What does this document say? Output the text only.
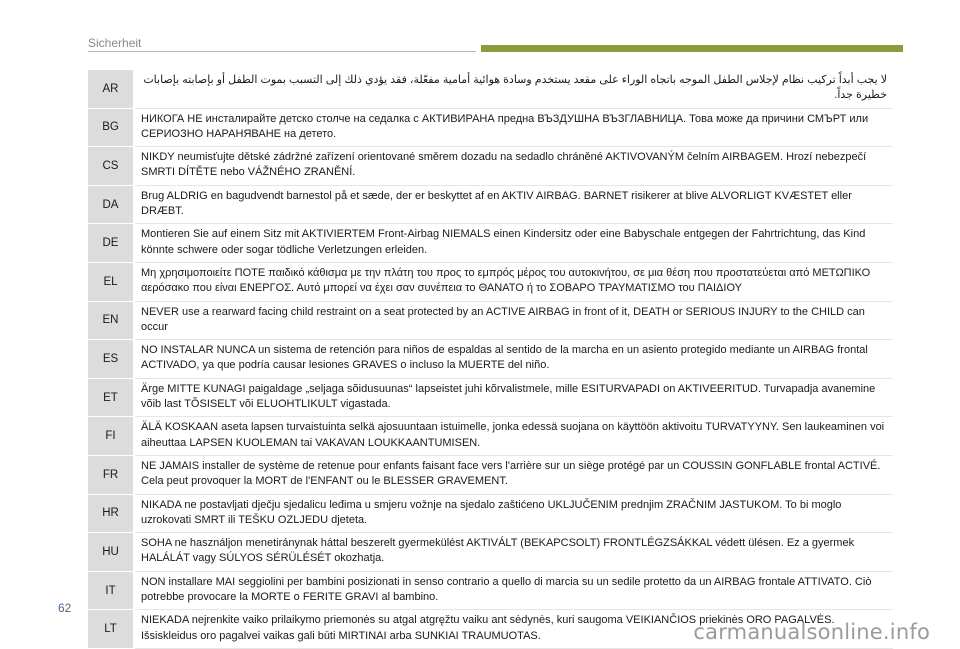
Sicherheit
AR	لا يجب أبداً تركيب نظام لإجلاس الطفل الموجه باتجاه الوراء على مقعد يستخدم وسادة هوائية أمامية مفعّلة، فقد يؤدي ذلك إلى التسبب بموت الطفل أو بإصابته بإصابات خطيرة جداً.
BG	НИКОГА НЕ инсталирайте детско столче на седалка с АКТИВИРАНА предна ВЪЗДУШНА ВЪЗГЛАВНИЦА. Това може да причини СМЪРТ или СЕРИОЗНО НАРАНЯВАНЕ на детето.
CS	NIKDY neumisťujte dětské zádržné zařízení orientované směrem dozadu na sedadlo chráněné AKTIVOVANÝM čelním AIRBAGEM. Hrozí nebezpečí SMRTI DÍTĚTE nebo VÁŽNÉHO ZRANĚNÍ.
DA	Brug ALDRIG en bagudvendt barnestol på et sæde, der er beskyttet af en AKTIV AIRBAG. BARNET risikerer at blive ALVORLIGT KVÆSTET eller DRÆBT.
DE	Montieren Sie auf einem Sitz mit AKTIVIERTEM Front-Airbag NIEMALS einen Kindersitz oder eine Babyschale entgegen der Fahrtrichtung, das Kind könnte schwere oder sogar tödliche Verletzungen erleiden.
EL	Μη χρησιμοποιείτε ΠΟΤΕ παιδικό κάθισμα με την πλάτη του προς το εμπρός μέρος του αυτοκινήτου, σε μια θέση που προστατεύεται από ΜΕΤΩΠΙΚΟ αερόσακο που είναι ΕΝΕΡΓΟΣ. Αυτό μπορεί να έχει σαν συνέπεια το ΘΑΝΑΤΟ ή το ΣΟΒΑΡΟ ΤΡΑΥΜΑΤΙΣΜΟ του ΠΑΙΔΙΟΥ
EN	NEVER use a rearward facing child restraint on a seat protected by an ACTIVE AIRBAG in front of it, DEATH or SERIOUS INJURY to the CHILD can occur
ES	NO INSTALAR NUNCA un sistema de retención para niños de espaldas al sentido de la marcha en un asiento protegido mediante un AIRBAG frontal ACTIVADO, ya que podría causar lesiones GRAVES o incluso la MUERTE del niño.
ET	Ärge MITTE KUNAGI paigaldage „seljaga sõidusuunas“ lapseistet juhi kõrvalistmele, mille ESITURVAPADI on AKTIVEERITUD. Turvapadja avanemine võib last TÕSISELT või ELUOHTLIKULT vigastada.
FI	ÄLÄ KOSKAAN aseta lapsen turvaistuinta selkä ajosuuntaan istuimelle, jonka edessä suojana on käyttöön aktivoitu TURVATYYNY. Sen laukeaminen voi aiheuttaa LAPSEN KUOLEMAN tai VAKAVAN LOUKKAANTUMISEN.
FR	NE JAMAIS installer de système de retenue pour enfants faisant face vers l'arrière sur un siège protégé par un COUSSIN GONFLABLE frontal ACTIVÉ. Cela peut provoquer la MORT de l'ENFANT ou le BLESSER GRAVEMENT.
HR	NIKADA ne postavljati dječju sjedalicu leđima u smjeru vožnje na sjedalo zaštićeno UKLJUČENIM prednjim ZRAČNIM JASTUKOM. To bi moglo uzrokovati SMRT ili TEŠKU OZLJEDU djeteta.
HU	SOHA ne használjon menetiránynak háttal beszerelt gyermekülést AKTIVÁLT (BEKAPCSOLT) FRONTLÉGZSÁKKAL védett ülésen. Ez a gyermek HALÁLÁT vagy SÚLYOS SÉRÜLÉSÉT okozhatja.
IT	NON installare MAI seggiolini per bambini posizionati in senso contrario a quello di marcia su un sedile protetto da un AIRBAG frontale ATTIVATO. Ciò potrebbe provocare la MORTE o FERITE GRAVI al bambino.
LT	NIEKADA nejrenkite vaiko prilaikymo priemonės su atgal atgręžtu vaiku ant sėdynės, kuri saugoma VEIKIANČIOS priekinės ORO PAGALVĖS. Išsiskleidus oro pagalvei vaikas gali būti MIRTINAI arba SUNKIAI TRAUMUOTAS.
62
carmanualsonline.info
